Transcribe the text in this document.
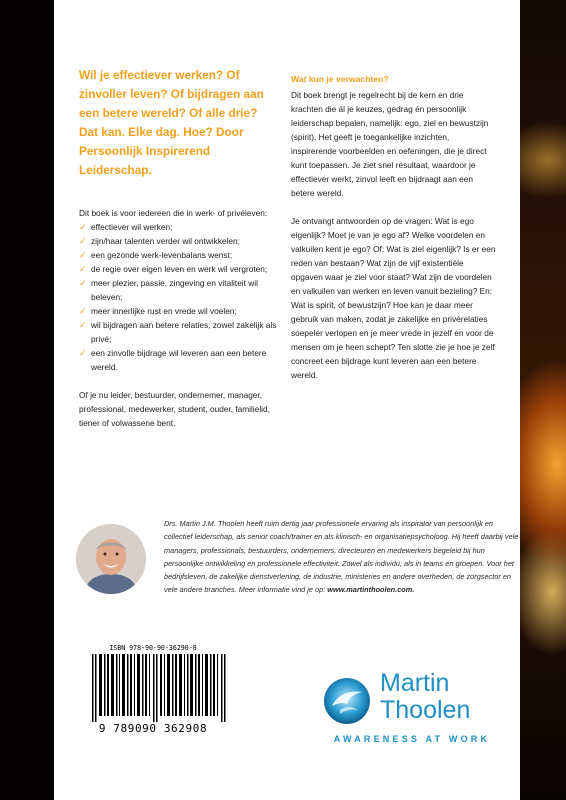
Wil je effectiever werken? Of zinvoller leven? Of bijdragen aan een betere wereld? Of alle drie? Dat kan. Elke dag. Hoe? Door Persoonlijk Inspirerend Leiderschap.

Dit boek is voor iedereen die in werk- of privéleven:

✓ effectiever wil werken;
✓ zijn/haar talenten verder wil ontwikkelen;
✓ een gezonde werk-levenbalans wenst;
✓ de regie over eigen leven en werk wil vergroten;
✓ meer plezier, passie, zingeving en vitaliteit wil beleven;
✓ meer innerlijke rust en vrede wil voelen;
✓ wil bijdragen aan betere relaties, zowel zakelijk als privé;
✓ een zinvolle bijdrage wil leveren aan een betere wereld.

Of je nu leider, bestuurder, ondernemer, manager, professional, medewerker, student, ouder, familielid, tiener of volwassene bent.

Wat kun je verwachten?

Dit boek brengt je regelrecht bij de kern en drie krachten die ál je keuzes, gedrag én persoonlijk leiderschap bepalen, namelijk: ego, ziel en bewustzijn (spirit). Het geeft je toegankelijke inzichten, inspirerende voorbeelden en oefeningen, die je direct kunt toepassen. Je ziet snel resultaat, waardoor je effectiever werkt, zinvol leeft en bijdraagt aan een betere wereld.

Je ontvangt antwoorden op de vragen: Wat is ego eigenlijk? Moet je van je ego af? Welke voordelen en valkuilen kent je ego? Of: Wat is ziel eigenlijk? Is er een reden van bestaan? Wat zijn de vijf existentiële opgaven waar je ziel voor staat? Wat zijn de voordelen en valkuilen van werken en leven vanuit bezieling? En: Wat is spirit, of bewustzijn? Hoe kan je daar meer gebruik van maken, zodat je zakelijke en privérelaties soepeler verlopen en je meer vrede in jezelf en voor de mensen om je heen schept? Ten slotte zie je hoe je zelf concreet een bijdrage kunt leveren aan een betere wereld.

Drs. Martin J.M. Thoolen heeft ruim dertig jaar professionele ervaring als inspirator van persoonlijk en collectief leiderschap, als senior coach/trainer en als klinisch- en organisatiepsycholoog. Hij heeft daarbij vele managers, professionals, bestuurders, ondernemers, directeuren en medewerkers begeleid bij hun persoonlijke ontwikkeling en professionele effectiviteit. Zowel als individu, als in teams en groepen. Voor het bedrijfsleven, de zakelijke dienstverlening, de industrie, ministeries en andere overheden, de zorgsector en vele andere branches. Meer informatie vind je op: www.martinthoolen.com.

ISBN 978-90-90-36290-8
9 789090 362908
Martin
Thoolen

AWARENESS AT WORK
